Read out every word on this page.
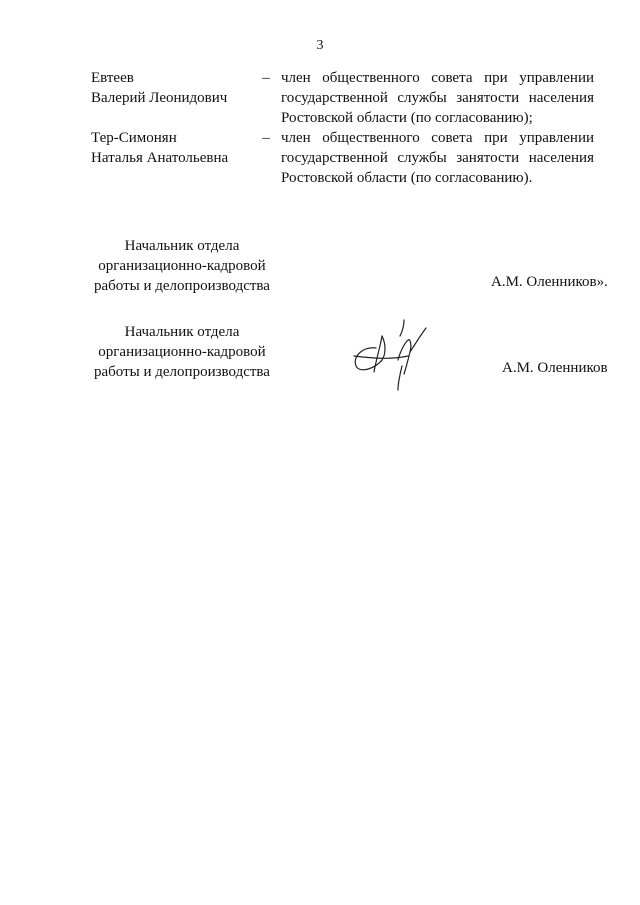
3
Евтеев
Валерий Леонидович
– член общественного совета при управлении
государственной службы занятости населения
Ростовской области (по согласованию);
Тер-Симонян
Наталья Анатольевна
– член общественного совета при управлении
государственной службы занятости населения
Ростовской области (по согласованию).
Начальник отдела
организационно-кадровой
работы и делопроизводства	А.М. Оленников».
Начальник отдела
организационно-кадровой
работы и делопроизводства	А.М. Оленников
